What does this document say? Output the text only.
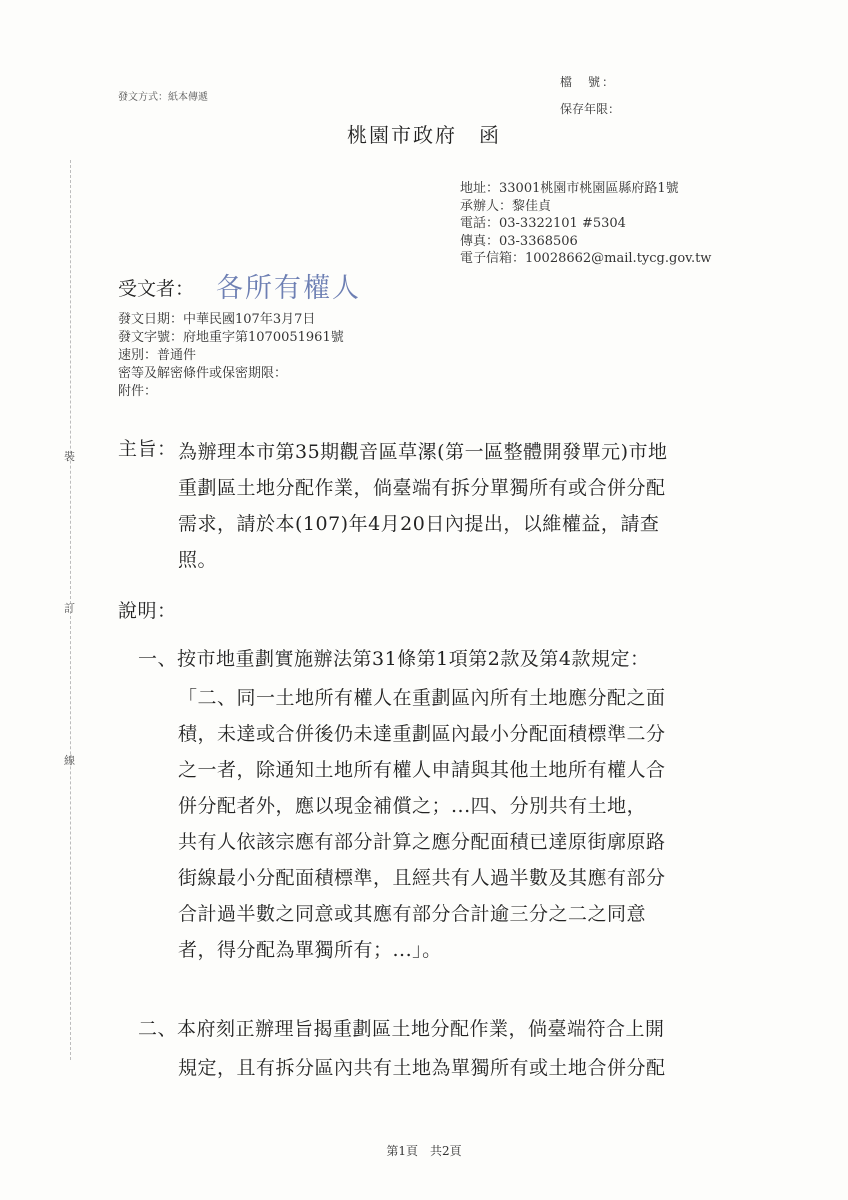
裝
訂
線
發文方式：紙本傳遞
檔　號：
保存年限：
桃園市政府　函
地址：33001桃園市桃園區縣府路1號
承辦人：黎佳貞
電話：03-3322101 #5304
傳真：03-3368506
電子信箱：10028662@mail.tycg.gov.tw
受文者： 各所有權人
發文日期：中華民國107年3月7日
發文字號：府地重字第1070051961號
速別：普通件
密等及解密條件或保密期限：
附件：
主旨： 為辦理本市第35期觀音區草漯(第一區整體開發單元)市地
重劃區土地分配作業，倘臺端有拆分單獨所有或合併分配
需求，請於本(107)年4月20日內提出，以維權益，請查
照。
說明：
一、按市地重劃實施辦法第31條第1項第2款及第4款規定：
「二、同一土地所有權人在重劃區內所有土地應分配之面
積，未達或合併後仍未達重劃區內最小分配面積標準二分
之一者，除通知土地所有權人申請與其他土地所有權人合
併分配者外，應以現金補償之；...四、分別共有土地，
共有人依該宗應有部分計算之應分配面積已達原街廓原路
街線最小分配面積標準，且經共有人過半數及其應有部分
合計過半數之同意或其應有部分合計逾三分之二之同意
者，得分配為單獨所有；...」。
二、本府刻正辦理旨揭重劃區土地分配作業，倘臺端符合上開
規定，且有拆分區內共有土地為單獨所有或土地合併分配
第1頁　共2頁
